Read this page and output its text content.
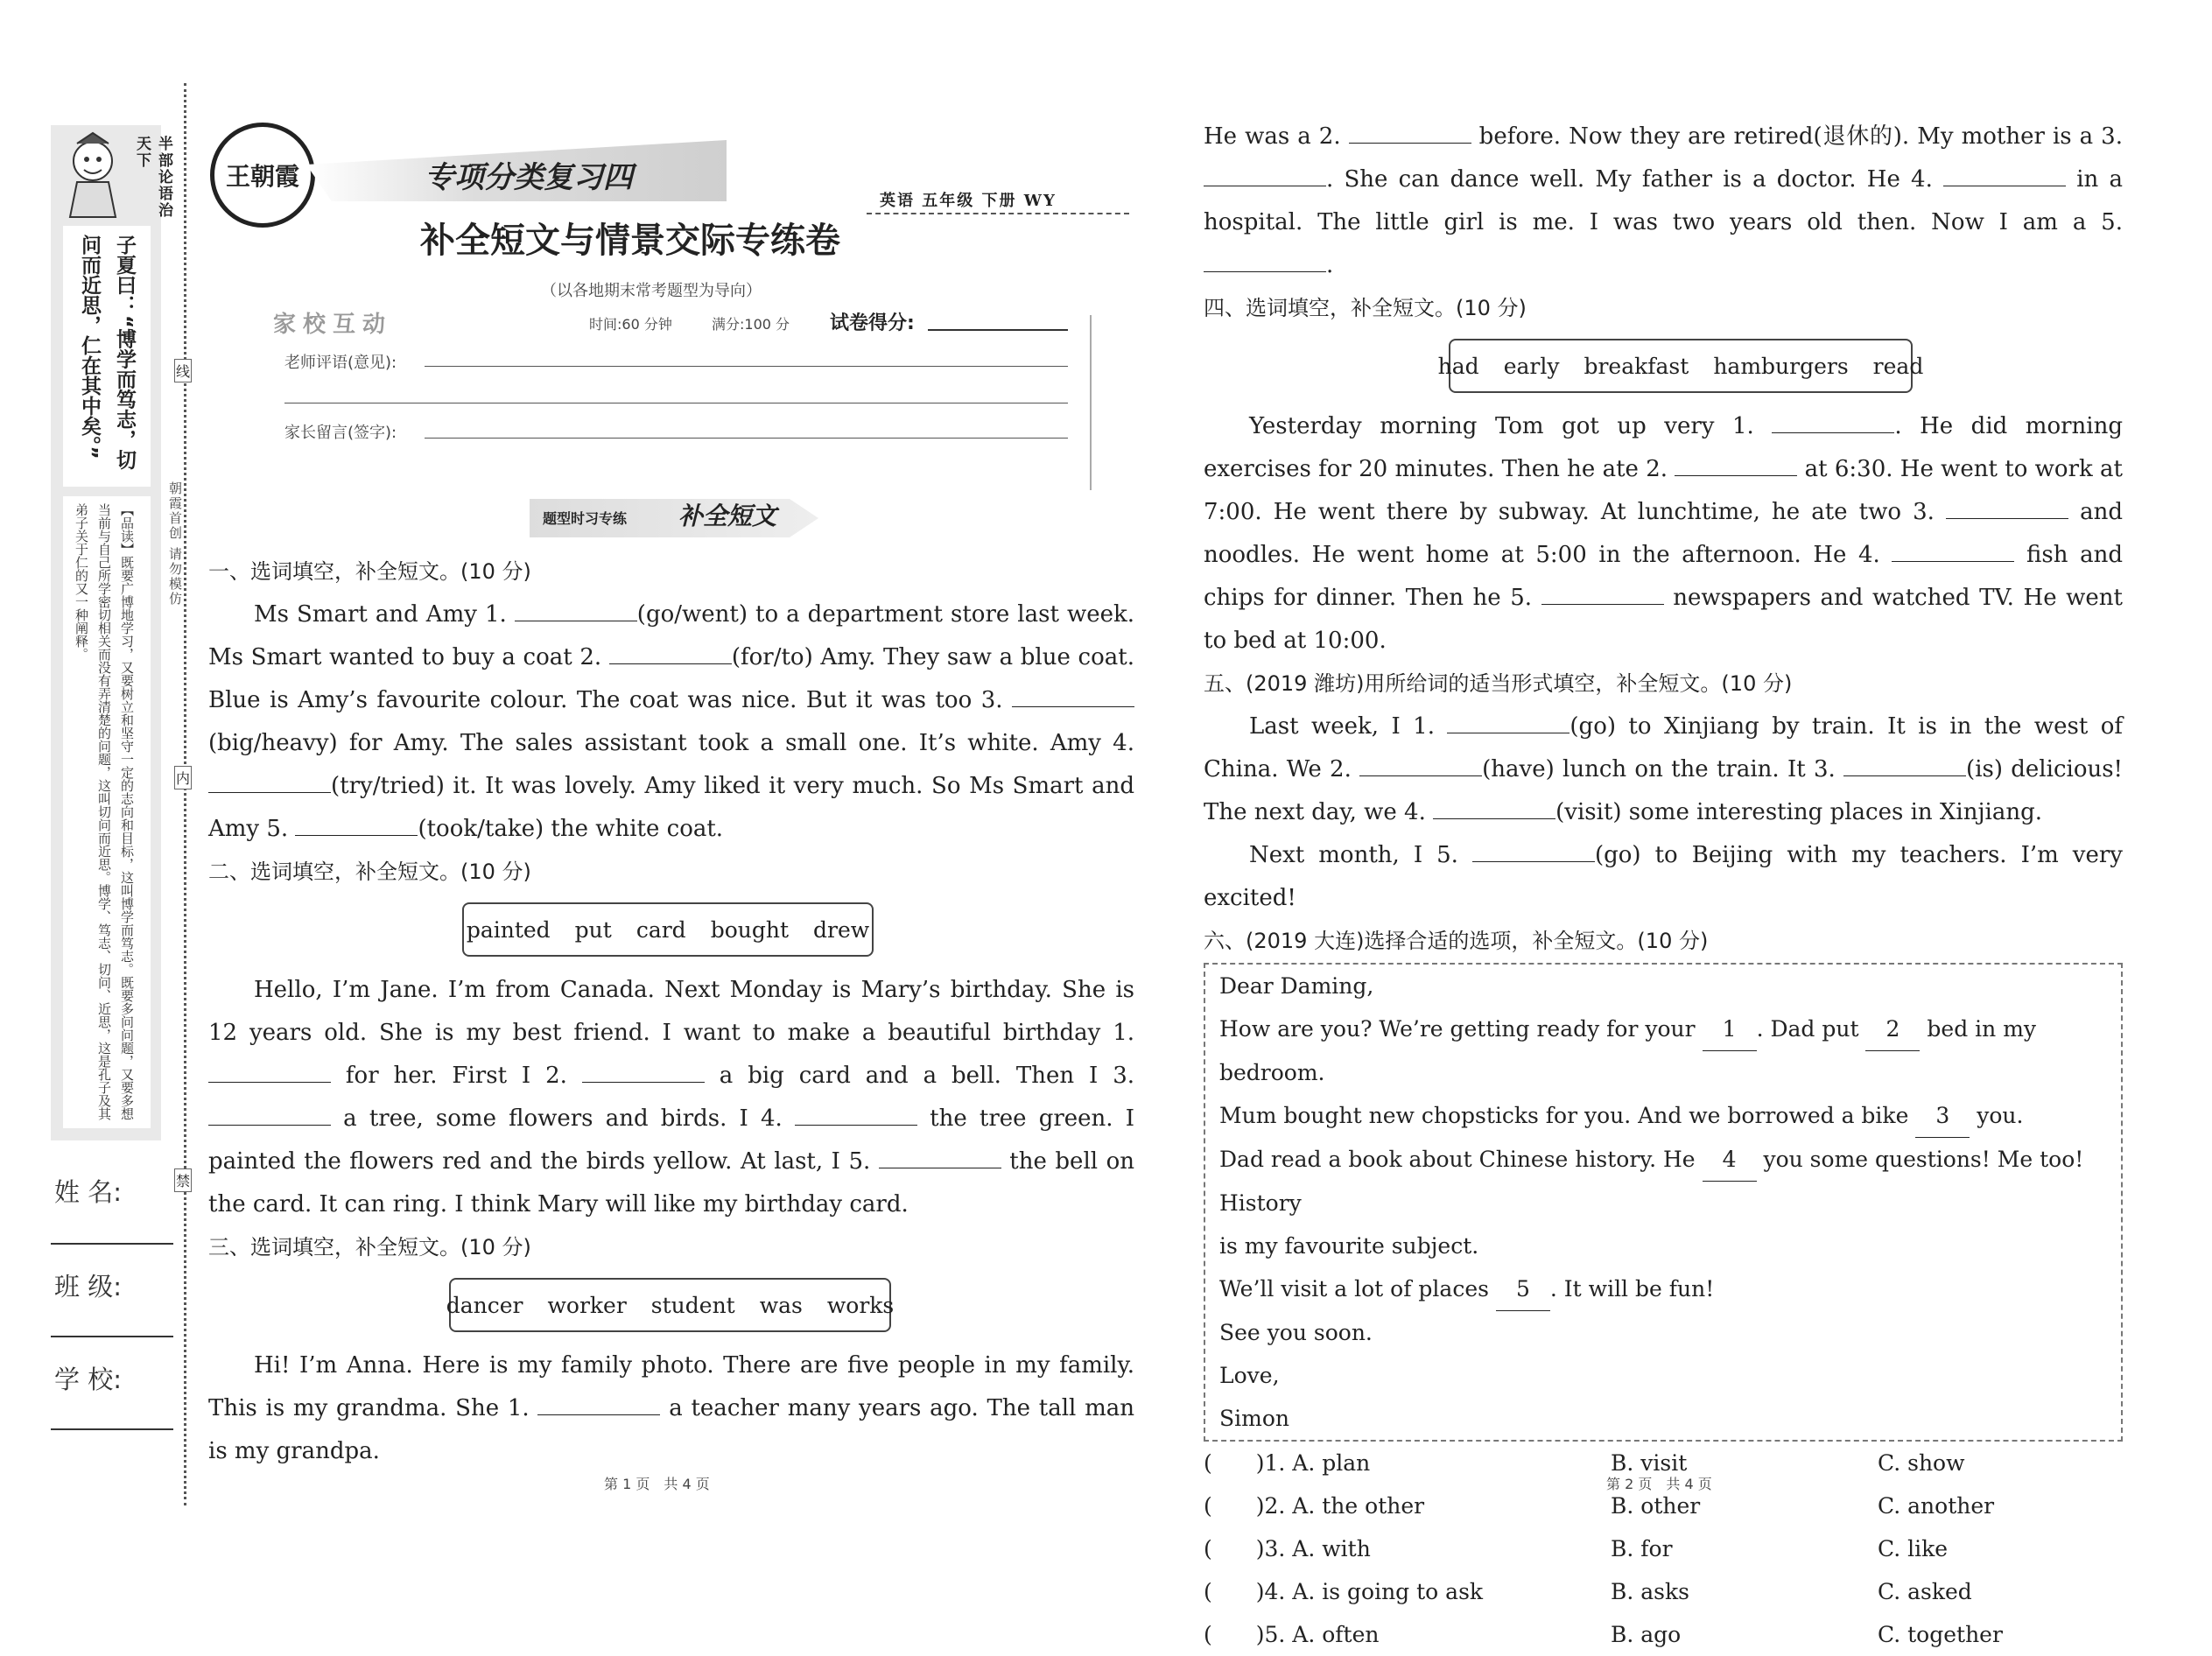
半部论语治天下
子夏曰：“博学而笃志，切问而近思，仁在其中矣。”
【品读】既要广博地学习，又要树立和坚守一定的志向和目标，这叫博学而笃志。既要多问问题，又要多想当前与自己所学密切相关而没有弄清楚的问题，这叫切问而近思。博学、笃志、切问、近思，这是孔子及其弟子关于仁的又一种阐释。
姓 名:
班 级:
学 校:
线
内
禁
朝霞首创 请勿模仿
王朝霞	专项分类复习四
补全短文与情景交际专练卷
英语 五年级 下册 WY
（以各地期末常考题型为导向）
家校互动	时间:60 分钟	满分:100 分 试卷得分:
老师评语(意见):
家长留言(签字):
题型时习专练 补全短文
一、选词填空，补全短文。(10 分)
Ms Smart and Amy 1.	(go/went) to a department store last week. Ms Smart wanted to buy a coat 2.	(for/to) Amy. They saw a blue coat. Blue is Amy’s favourite colour. The coat was nice. But it was too 3. (big/heavy) for Amy. The sales assistant took a small one. It’s white. Amy 4. (try/tried) it. It was lovely. Amy liked it very much. So Ms Smart and Amy 5.	(took/take) the white coat.
二、选词填空，补全短文。(10 分)
painted put card bought drew
Hello, I’m Jane. I’m from Canada. Next Monday is Mary’s birthday. She is 12 years old. She is my best friend. I want to make a beautiful birthday 1.  for her. First I 2.	a big card and a bell. Then I 3.  a tree, some flowers and birds. I 4.	the tree green. I painted the flowers red and the birds yellow. At last, I 5.	the bell on the card. It can ring. I think Mary will like my birthday card.
三、选词填空，补全短文。(10 分)
dancer worker student was works
Hi! I’m Anna. Here is my family photo. There are five people in my family. This is my grandma. She 1.	a teacher many years ago. The tall man is my grandpa.
第 1 页　共 4 页
He was a 2.	before. Now they are retired(退休的). My mother is a 3. . She can dance well. My father is a doctor. He 4.	in a hospital. The little girl is me. I was two years old then. Now I am a 5. .
四、选词填空，补全短文。(10 分)
had early breakfast hamburgers read
Yesterday morning Tom got up very 1.	. He did morning exercises for 20 minutes. Then he ate 2.	at 6:30. He went to work at 7:00. He went there by subway. At lunchtime, he ate two 3.	and noodles. He went home at 5:00 in the afternoon. He 4.	fish and chips for dinner. Then he 5.	newspapers and watched TV. He went to bed at 10:00.
五、(2019 潍坊)用所给词的适当形式填空，补全短文。(10 分)
Last week, I 1.	(go) to Xinjiang by train. It is in the west of China. We 2.	(have) lunch on the train. It 3.	(is) delicious! The next day, we 4.	(visit) some interesting places in Xinjiang.
Next month, I 5.	(go) to Beijing with my teachers. I’m very excited!
六、(2019 大连)选择合适的选项，补全短文。(10 分)
Dear Daming,
How are you? We’re getting ready for your 1 . Dad put 2 bed in my bedroom.
Mum bought new chopsticks for you. And we borrowed a bike 3 you.
Dad read a book about Chinese history. He 4 you some questions! Me too! History
is my favourite subject.
We’ll visit a lot of places 5 . It will be fun!
See you soon.
Love,
Simon
(　　)1. A. plan	B. visit	C. show
(　　)2. A. the other	B. other	C. another
(　　)3. A. with	B. for	C. like
(　　)4. A. is going to ask	B. asks	C. asked
(　　)5. A. often	B. ago	C. together
第 2 页　共 4 页
